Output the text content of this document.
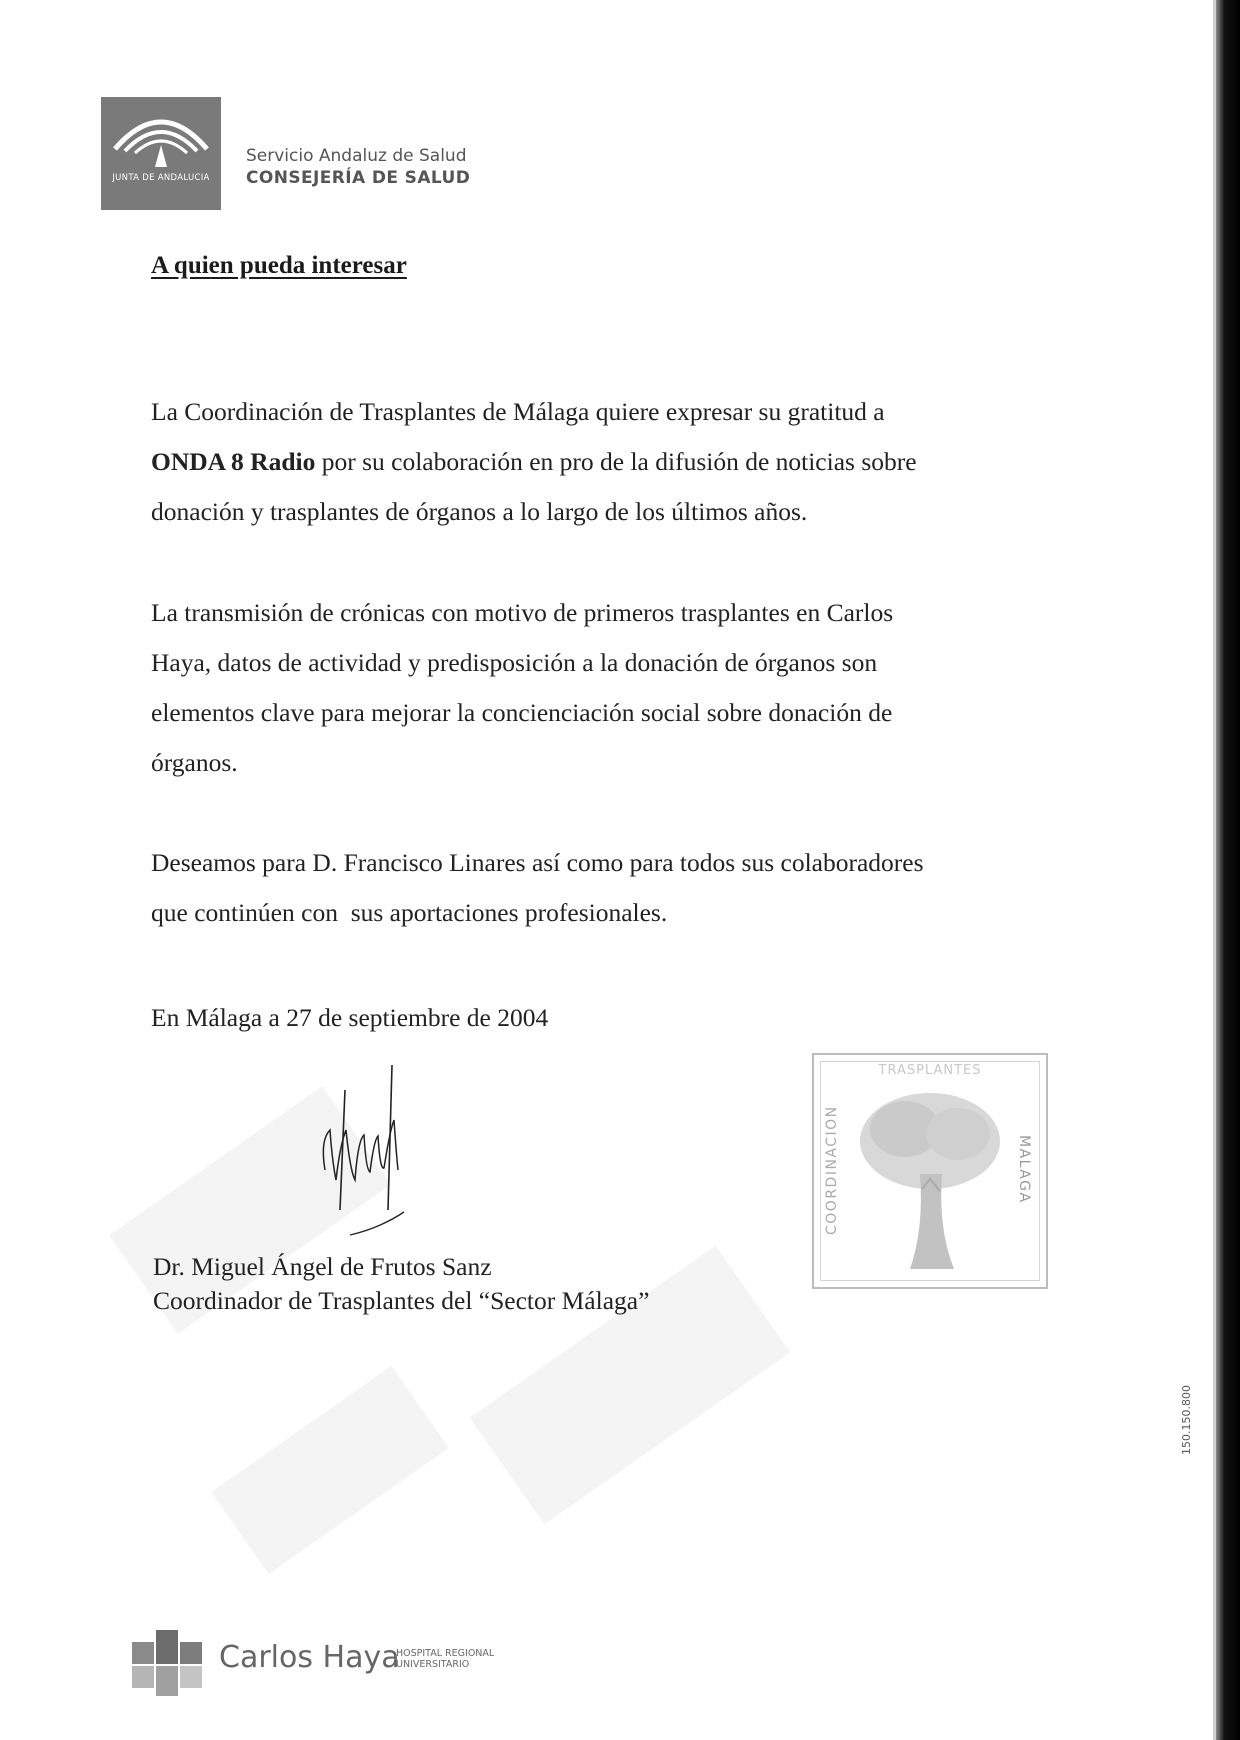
JUNTA DE ANDALUCIA
Servicio Andaluz de Salud
CONSEJERÍA DE SALUD
A quien pueda interesar
La Coordinación de Trasplantes de Málaga quiere expresar su gratitud a
ONDA 8 Radio por su colaboración en pro de la difusión de noticias sobre
donación y trasplantes de órganos a lo largo de los últimos años.
La transmisión de crónicas con motivo de primeros trasplantes en Carlos
Haya, datos de actividad y predisposición a la donación de órganos son
elementos clave para mejorar la concienciación social sobre donación de
órganos.
Deseamos para D. Francisco Linares así como para todos sus colaboradores
que continúen con  sus aportaciones profesionales.
En Málaga a 27 de septiembre de 2004
Dr. Miguel Ángel de Frutos Sanz
Coordinador de Trasplantes del “Sector Málaga”
TRASPLANTES
COORDINACION	MALAGA
150.150.800
Carlos Haya
HOSPITAL REGIONAL
UNIVERSITARIO
